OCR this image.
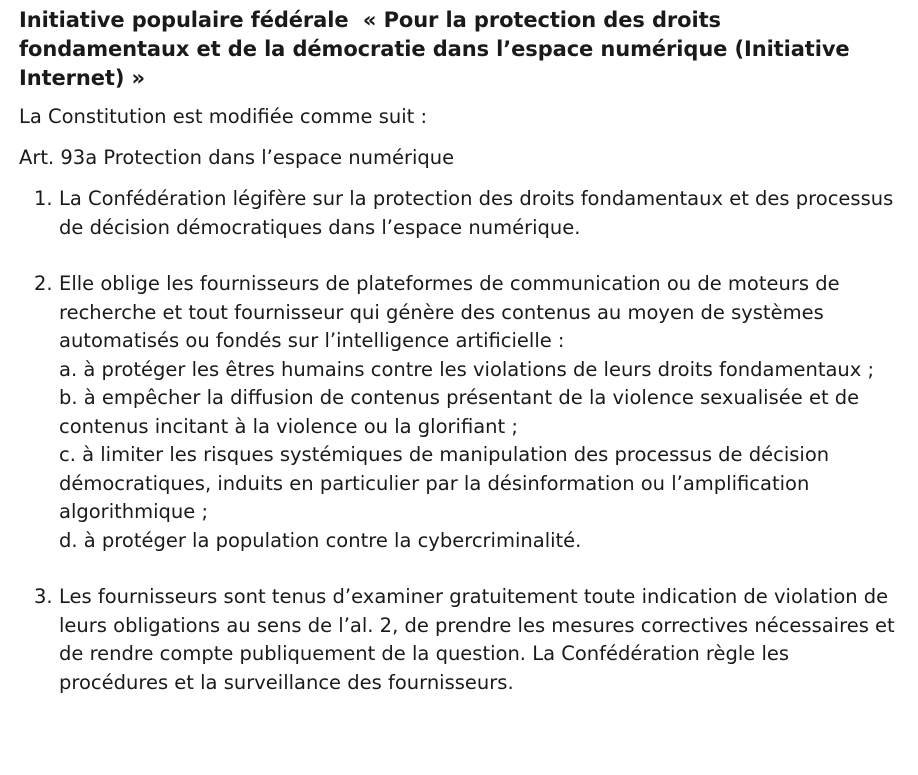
Initiative populaire fédérale  « Pour la protection des droits fondamentaux et de la démocratie dans l’espace numérique (Initiative Internet) »

La Constitution est modifiée comme suit :

Art. 93a Protection dans l’espace numérique

1. La Confédération légifère sur la protection des droits fondamentaux et des processus de décision démocratiques dans l’espace numérique.
2. Elle oblige les fournisseurs de plateformes de communication ou de moteurs de recherche et tout fournisseur qui génère des contenus au moyen de systèmes automatisés ou fondés sur l’intelligence artificielle :
a. à protéger les êtres humains contre les violations de leurs droits fondamentaux ;
b. à empêcher la diffusion de contenus présentant de la violence sexualisée et de contenus incitant à la violence ou la glorifiant ;
c. à limiter les risques systémiques de manipulation des processus de décision démocratiques, induits en particulier par la désinformation ou l’amplification algorithmique ;
d. à protéger la population contre la cybercriminalité.
3. Les fournisseurs sont tenus d’examiner gratuitement toute indication de violation de leurs obligations au sens de l’al. 2, de prendre les mesures correctives nécessaires et de rendre compte publiquement de la question. La Confédération règle les procédures et la surveillance des fournisseurs.
